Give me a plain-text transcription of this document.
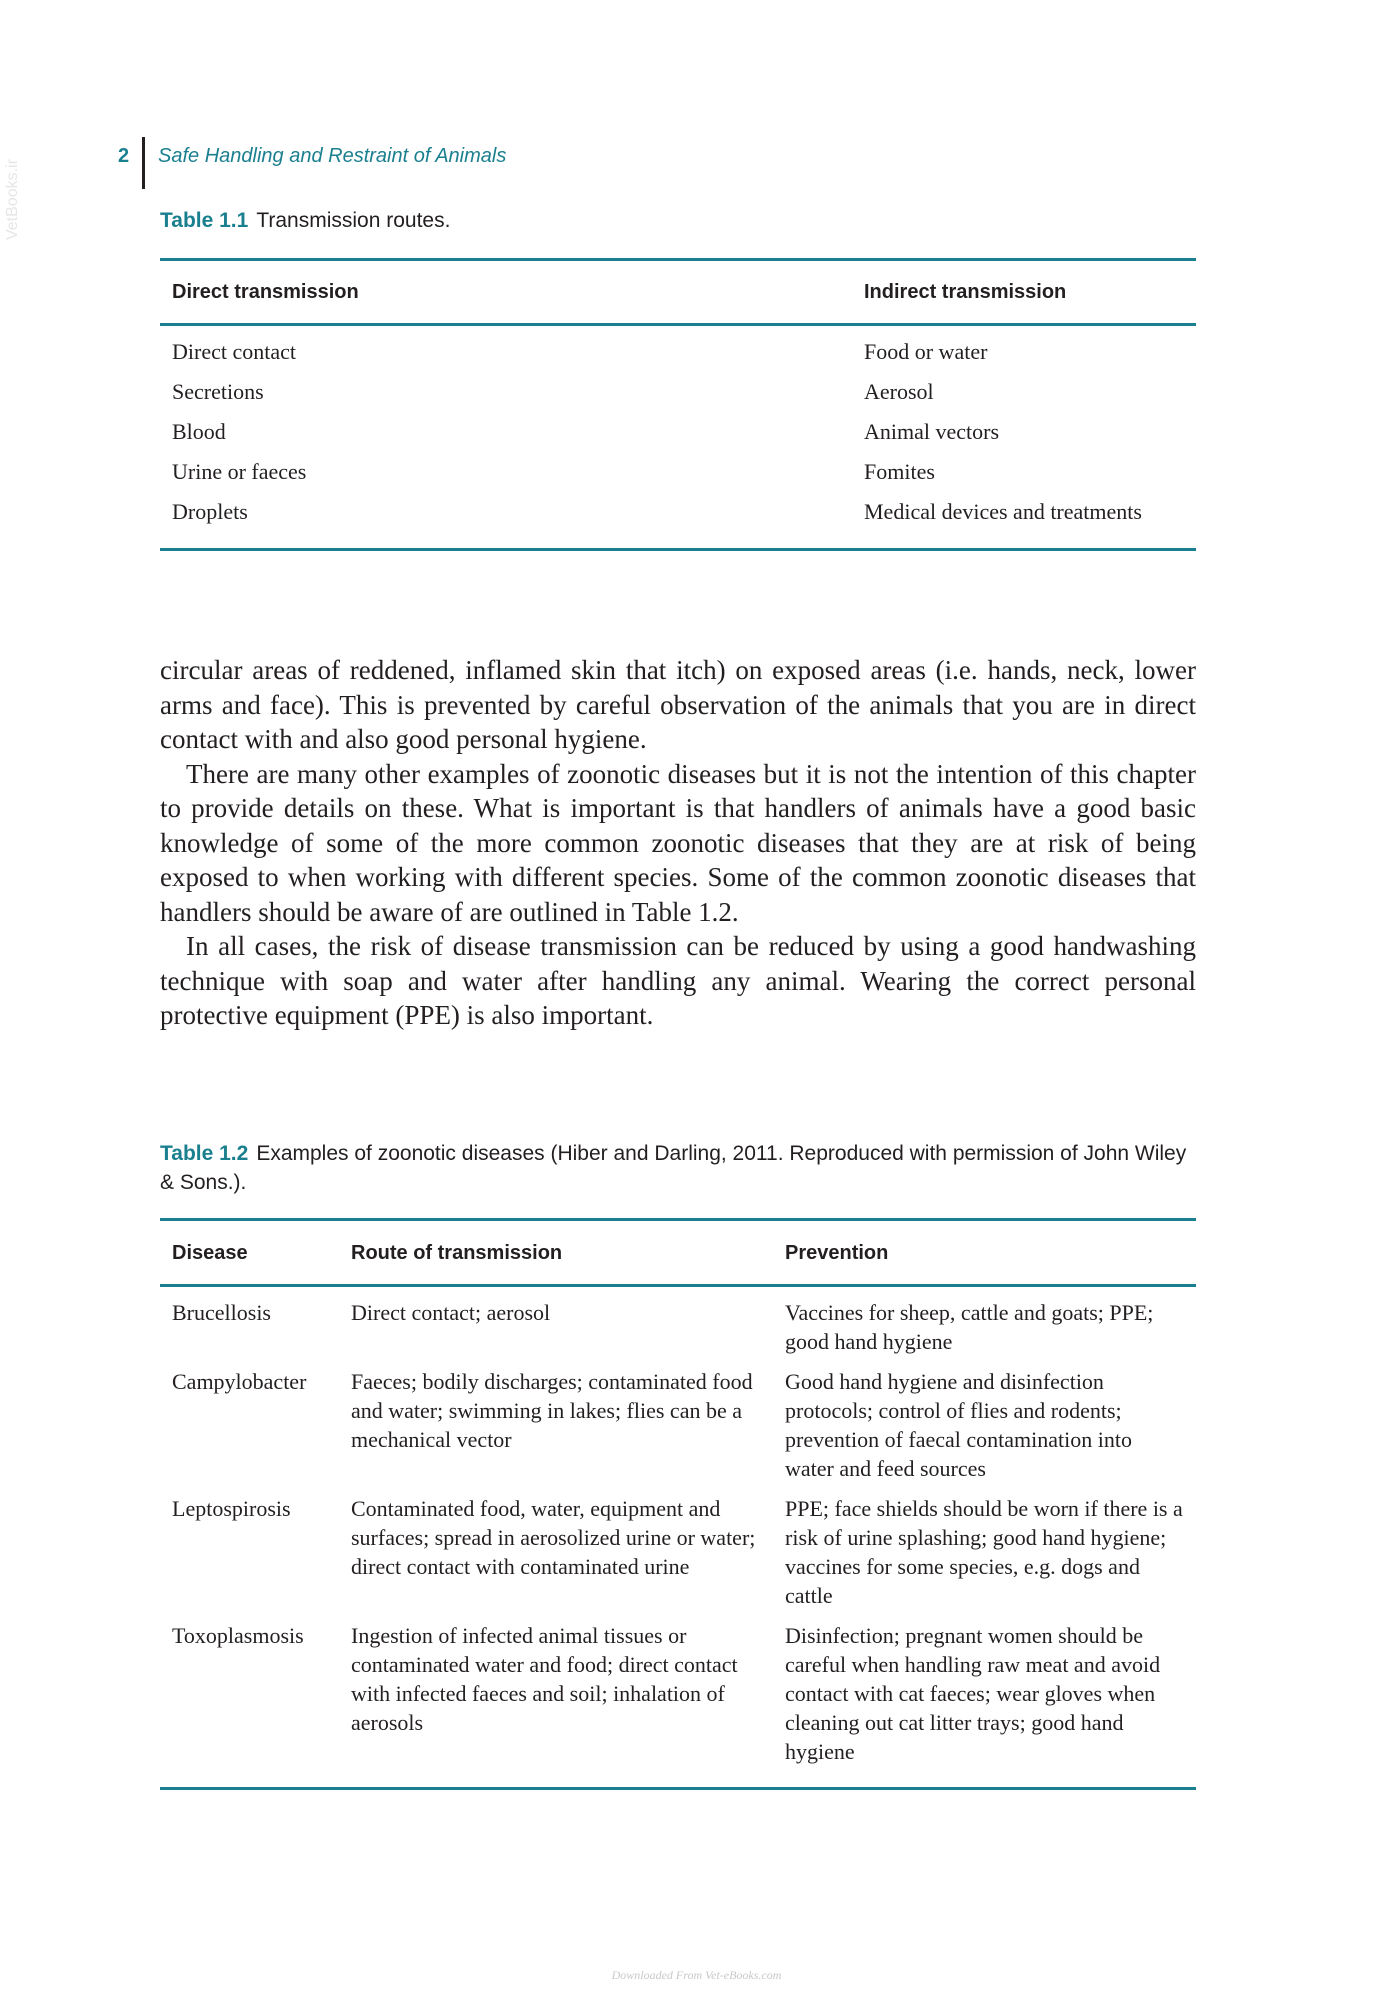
VetBooks.ir
2 Safe Handling and Restraint of Animals
Table 1.1 Transmission routes.
Direct transmission	Indirect transmission
Direct contact	Food or water
Secretions	Aerosol
Blood	Animal vectors
Urine or faeces	Fomites
Droplets	Medical devices and treatments

circular areas of reddened, inflamed skin that itch) on exposed areas (i.e. hands, neck, lower arms and face). This is prevented by careful observation of the animals that you are in direct contact with and also good personal hygiene.

There are many other examples of zoonotic diseases but it is not the intention of this chapter to provide details on these. What is important is that handlers of animals have a good basic knowledge of some of the more common zoonotic diseases that they are at risk of being exposed to when working with different species. Some of the common zoonotic diseases that handlers should be aware of are outlined in Table 1.2.

In all cases, the risk of disease transmission can be reduced by using a good handwashing technique with soap and water after handling any animal. Wearing the correct personal protective equipment (PPE) is also important.

Table 1.2 Examples of zoonotic diseases (Hiber and Darling, 2011. Reproduced with permission of John Wiley & Sons.).
Disease	Route of transmission	Prevention
Brucellosis	Direct contact; aerosol	Vaccines for sheep, cattle and goats; PPE; good hand hygiene
Campylobacter	Faeces; bodily discharges; contaminated food and water; swimming in lakes; flies can be a mechanical vector	Good hand hygiene and disinfection protocols; control of flies and rodents; prevention of faecal contamination into water and feed sources
Leptospirosis	Contaminated food, water, equipment and surfaces; spread in aerosolized urine or water; direct contact with contaminated urine	PPE; face shields should be worn if there is a risk of urine splashing; good hand hygiene; vaccines for some species, e.g. dogs and cattle
Toxoplasmosis	Ingestion of infected animal tissues or contaminated water and food; direct contact with infected faeces and soil; inhalation of aerosols	Disinfection; pregnant women should be careful when handling raw meat and avoid contact with cat faeces; wear gloves when cleaning out cat litter trays; good hand hygiene
Downloaded From Vet-eBooks.com
